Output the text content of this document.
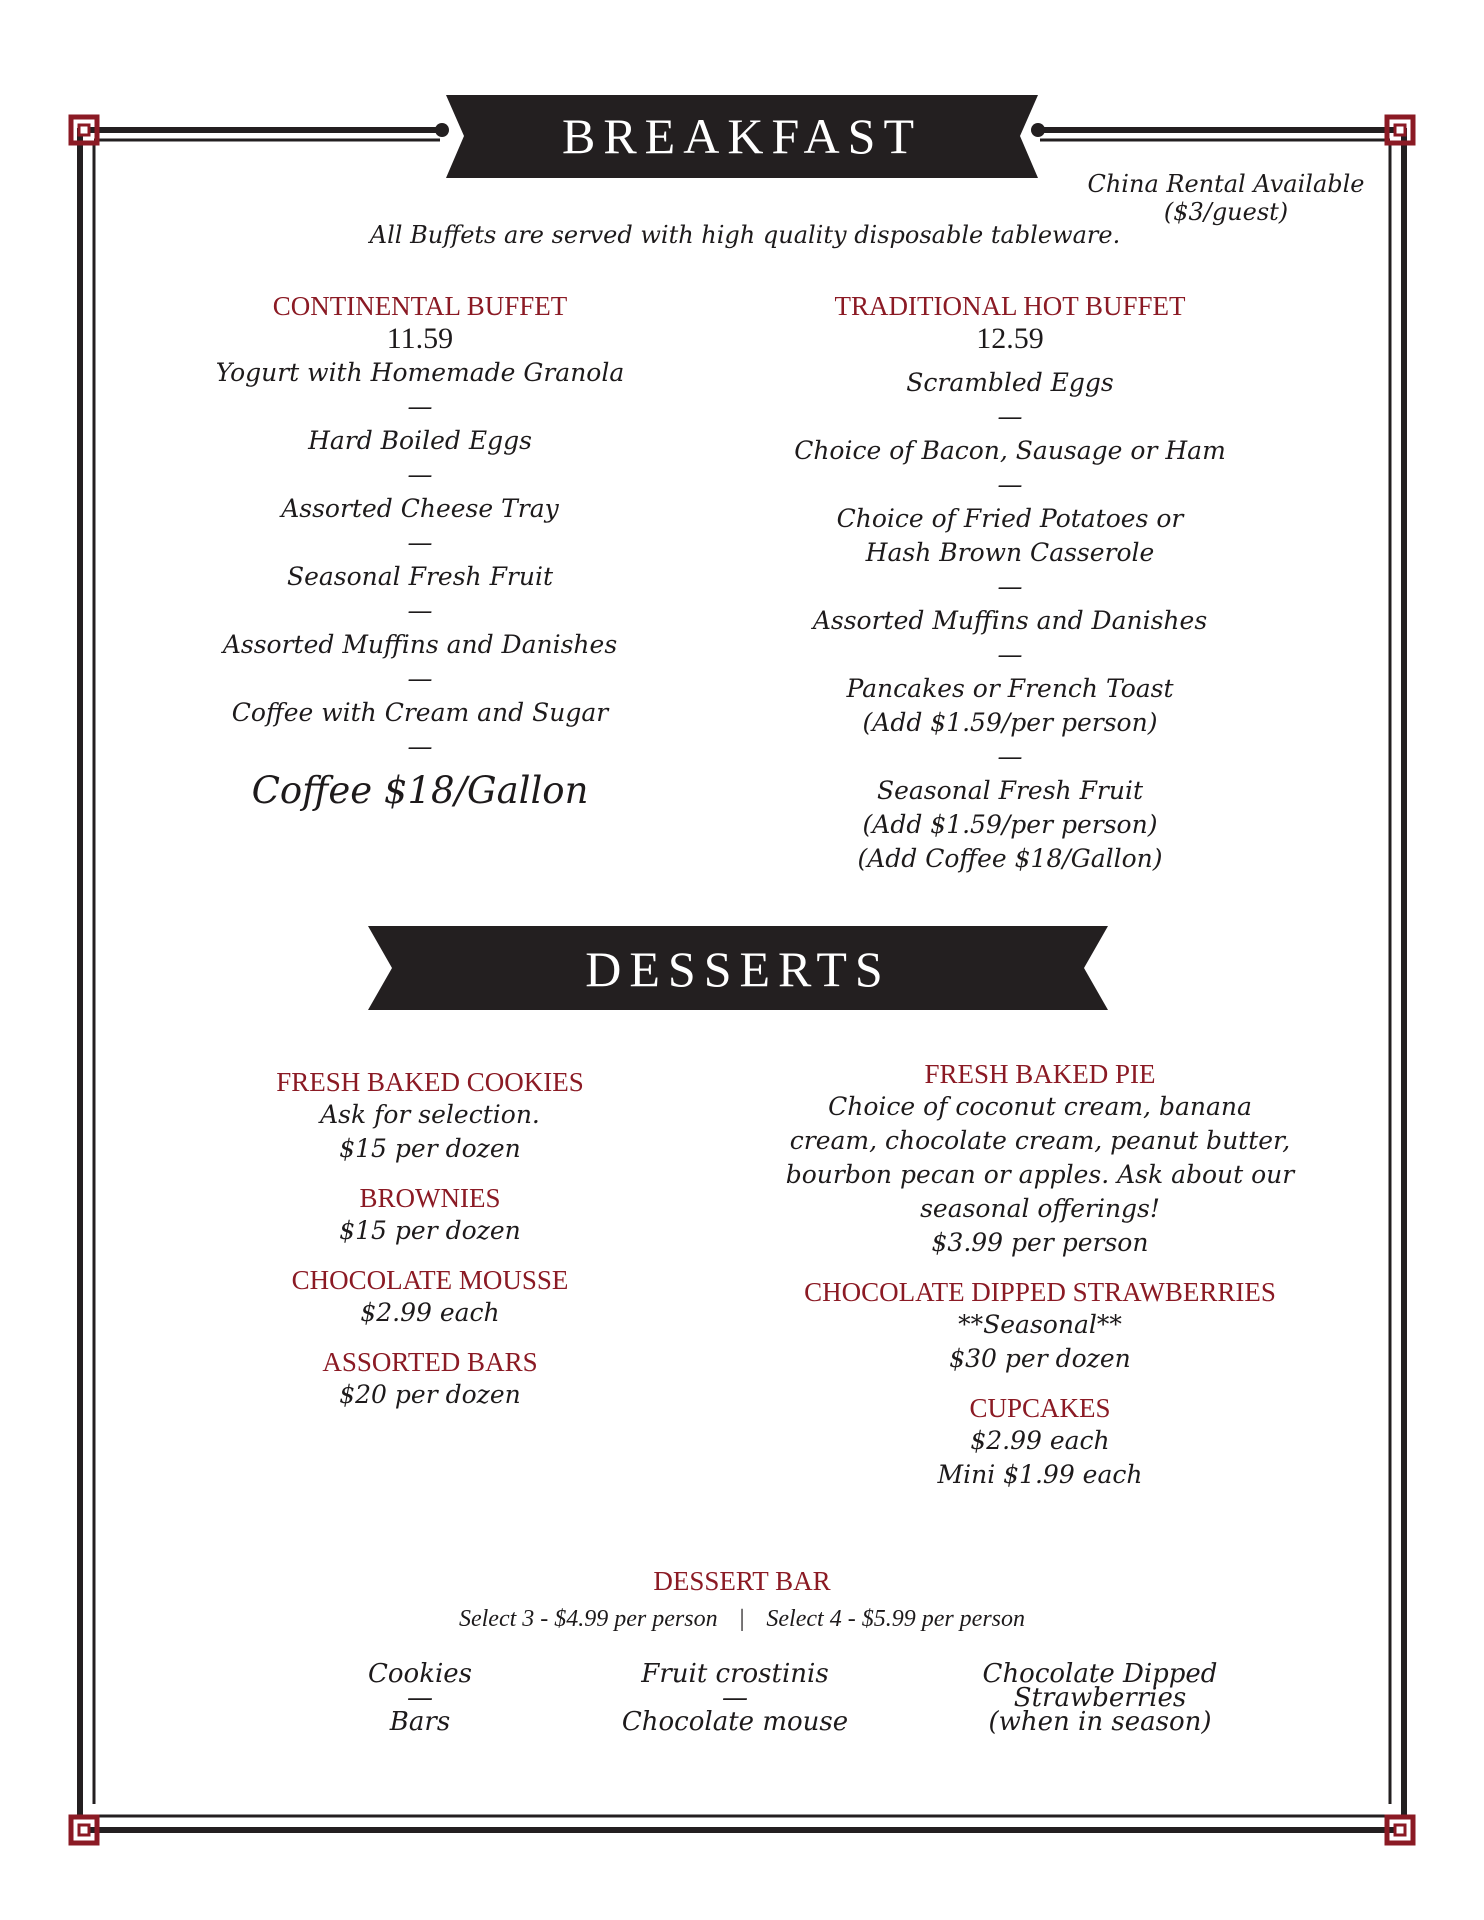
BREAKFAST
DESSERTS
China Rental Available
($3/guest)
All Buffets are served with high quality disposable tableware.
CONTINENTAL BUFFET
11.59
Yogurt with Homemade Granola
—
Hard Boiled Eggs
—
Assorted Cheese Tray
—
Seasonal Fresh Fruit
—
Assorted Muffins and Danishes
—
Coffee with Cream and Sugar
—
Coffee $18/Gallon
TRADITIONAL HOT BUFFET
12.59
Scrambled Eggs
—
Choice of Bacon, Sausage or Ham
—
Choice of Fried Potatoes or
Hash Brown Casserole
—
Assorted Muffins and Danishes
—
Pancakes or French Toast
(Add $1.59/per person)
—
Seasonal Fresh Fruit
(Add $1.59/per person)
(Add Coffee $18/Gallon)
FRESH BAKED COOKIES
Ask for selection.
$15 per dozen
BROWNIES
$15 per dozen
CHOCOLATE MOUSSE
$2.99 each
ASSORTED BARS
$20 per dozen
FRESH BAKED PIE
Choice of coconut cream, banana
cream, chocolate cream, peanut butter,
bourbon pecan or apples. Ask about our
seasonal offerings!
$3.99 per person
CHOCOLATE DIPPED STRAWBERRIES
**Seasonal**
$30 per dozen
CUPCAKES
$2.99 each
Mini $1.99 each
DESSERT BAR
Select 3 - $4.99 per person | Select 4 - $5.99 per person
Cookies
—
Bars
Fruit crostinis
—
Chocolate mouse
Chocolate Dipped
Strawberries
(when in season)
